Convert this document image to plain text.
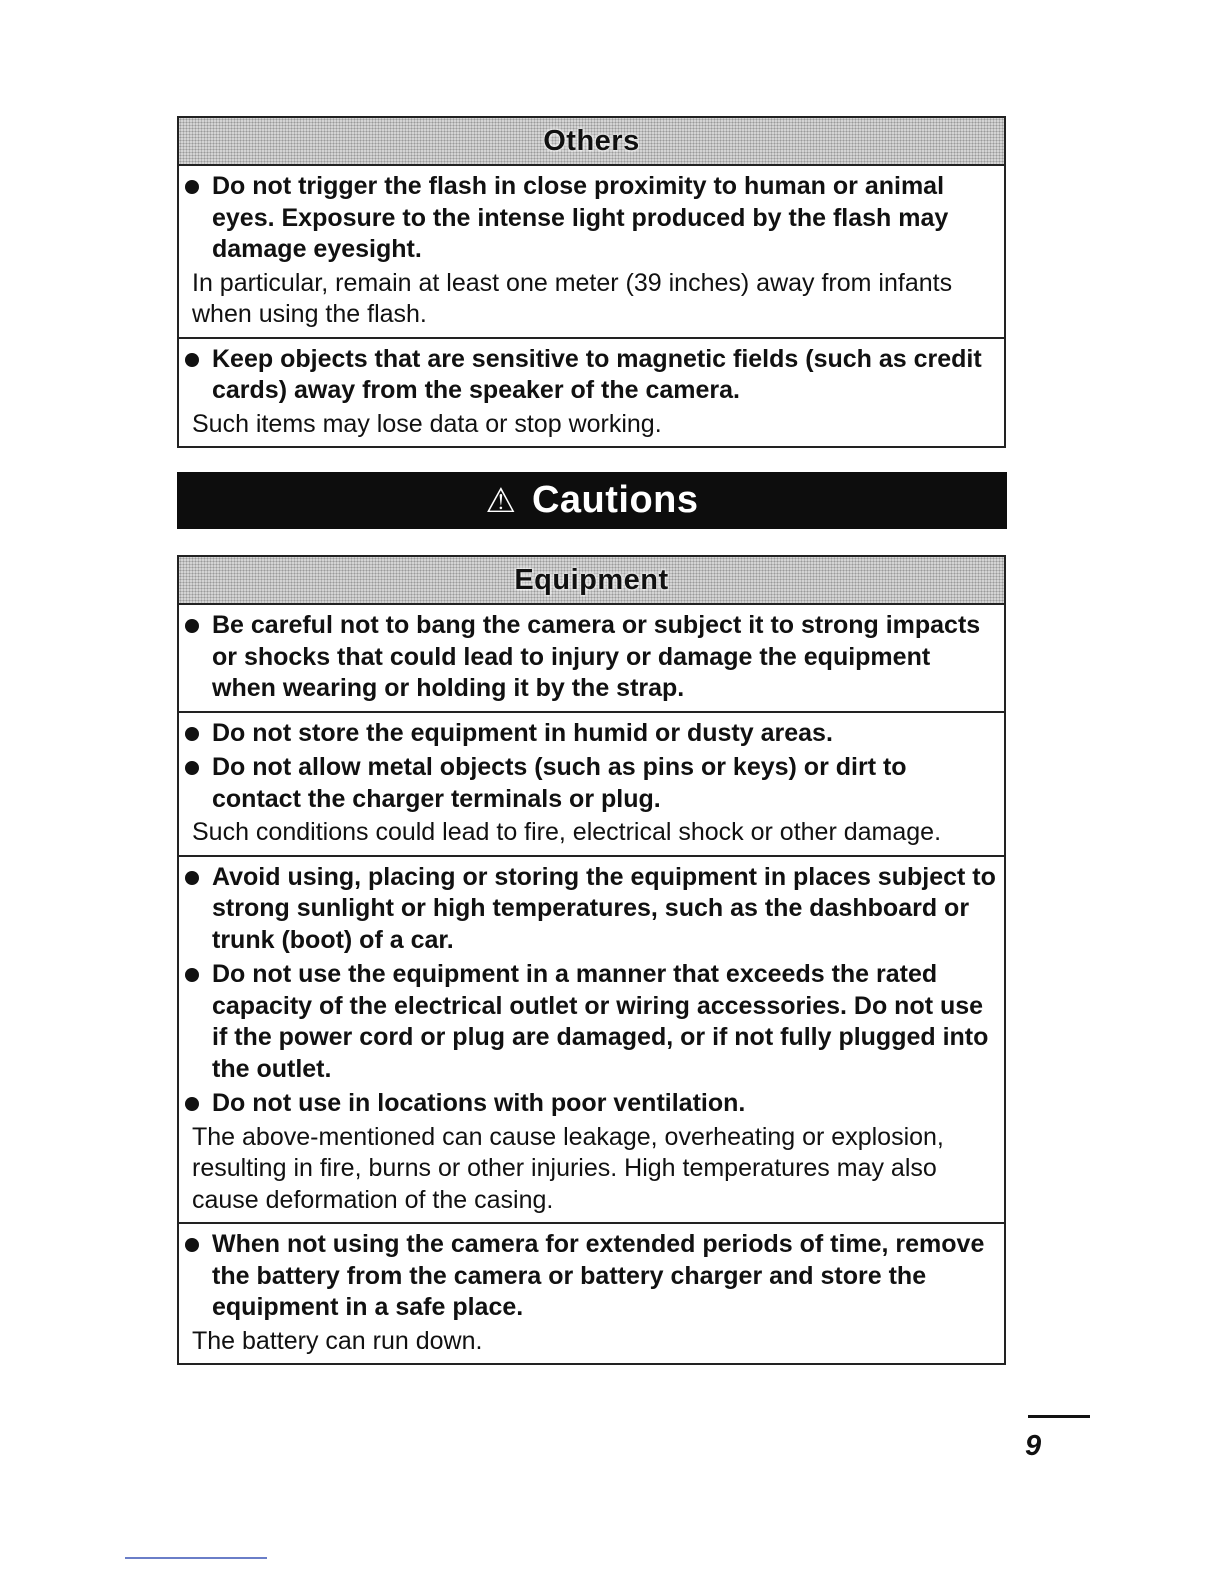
Others
Do not trigger the flash in close proximity to human or animal eyes. Exposure to the intense light produced by the flash may damage eyesight.
In particular, remain at least one meter (39 inches) away from infants when using the flash.
Keep objects that are sensitive to magnetic fields (such as credit cards) away from the speaker of the camera.
Such items may lose data or stop working.
⚠ Cautions
Equipment
Be careful not to bang the camera or subject it to strong impacts or shocks that could lead to injury or damage the equipment when wearing or holding it by the strap.
Do not store the equipment in humid or dusty areas.
Do not allow metal objects (such as pins or keys) or dirt to contact the charger terminals or plug.
Such conditions could lead to fire, electrical shock or other damage.
Avoid using, placing or storing the equipment in places subject to strong sunlight or high temperatures, such as the dashboard or trunk (boot) of a car.
Do not use the equipment in a manner that exceeds the rated capacity of the electrical outlet or wiring accessories. Do not use if the power cord or plug are damaged, or if not fully plugged into the outlet.
Do not use in locations with poor ventilation.
The above-mentioned can cause leakage, overheating or explosion, resulting in fire, burns or other injuries. High temperatures may also cause deformation of the casing.
When not using the camera for extended periods of time, remove the battery from the camera or battery charger and store the equipment in a safe place.
The battery can run down.
9
